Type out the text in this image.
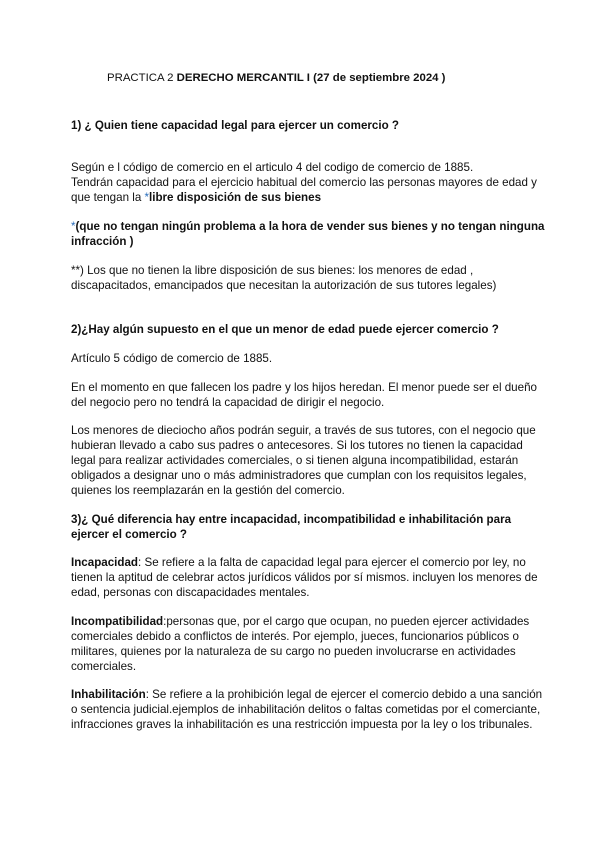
PRACTICA 2 DERECHO MERCANTIL I (27 de septiembre 2024 )

1) ¿ Quien tiene capacidad legal para ejercer un comercio ?

Según e l código de comercio en el articulo 4 del codigo de comercio de 1885.

Tendrán capacidad para el ejercicio habitual del comercio las personas mayores de edad y

que tengan la *libre disposición de sus bienes

*(que no tengan ningún problema a la hora de vender sus bienes y no tengan ninguna

infracción )

**) Los que no tienen la libre disposición de sus bienes: los menores de edad ,

discapacitados, emancipados que necesitan la autorización de sus tutores legales)

2)¿Hay algún supuesto en el que un menor de edad puede ejercer comercio ?

Artículo 5 código de comercio de 1885.

En el momento en que fallecen los padre y los hijos heredan. El menor puede ser el dueño

del negocio pero no tendrá la capacidad de dirigir el negocio.

Los menores de dieciocho años podrán seguir, a través de sus tutores, con el negocio que

hubieran llevado a cabo sus padres o antecesores. Si los tutores no tienen la capacidad

legal para realizar actividades comerciales, o si tienen alguna incompatibilidad, estarán

obligados a designar uno o más administradores que cumplan con los requisitos legales,

quienes los reemplazarán en la gestión del comercio.

3)¿ Qué diferencia hay entre incapacidad, incompatibilidad e inhabilitación para

ejercer el comercio ?

Incapacidad: Se refiere a la falta de capacidad legal para ejercer el comercio por ley, no

tienen la aptitud de celebrar actos jurídicos válidos por sí mismos. incluyen los menores de

edad, personas con discapacidades mentales.

Incompatibilidad:personas que, por el cargo que ocupan, no pueden ejercer actividades

comerciales debido a conflictos de interés. Por ejemplo, jueces, funcionarios públicos o

militares, quienes por la naturaleza de su cargo no pueden involucrarse en actividades

comerciales.

Inhabilitación: Se refiere a la prohibición legal de ejercer el comercio debido a una sanción

o sentencia judicial.ejemplos de inhabilitación delitos o faltas cometidas por el comerciante,

infracciones graves la inhabilitación es una restricción impuesta por la ley o los tribunales.
